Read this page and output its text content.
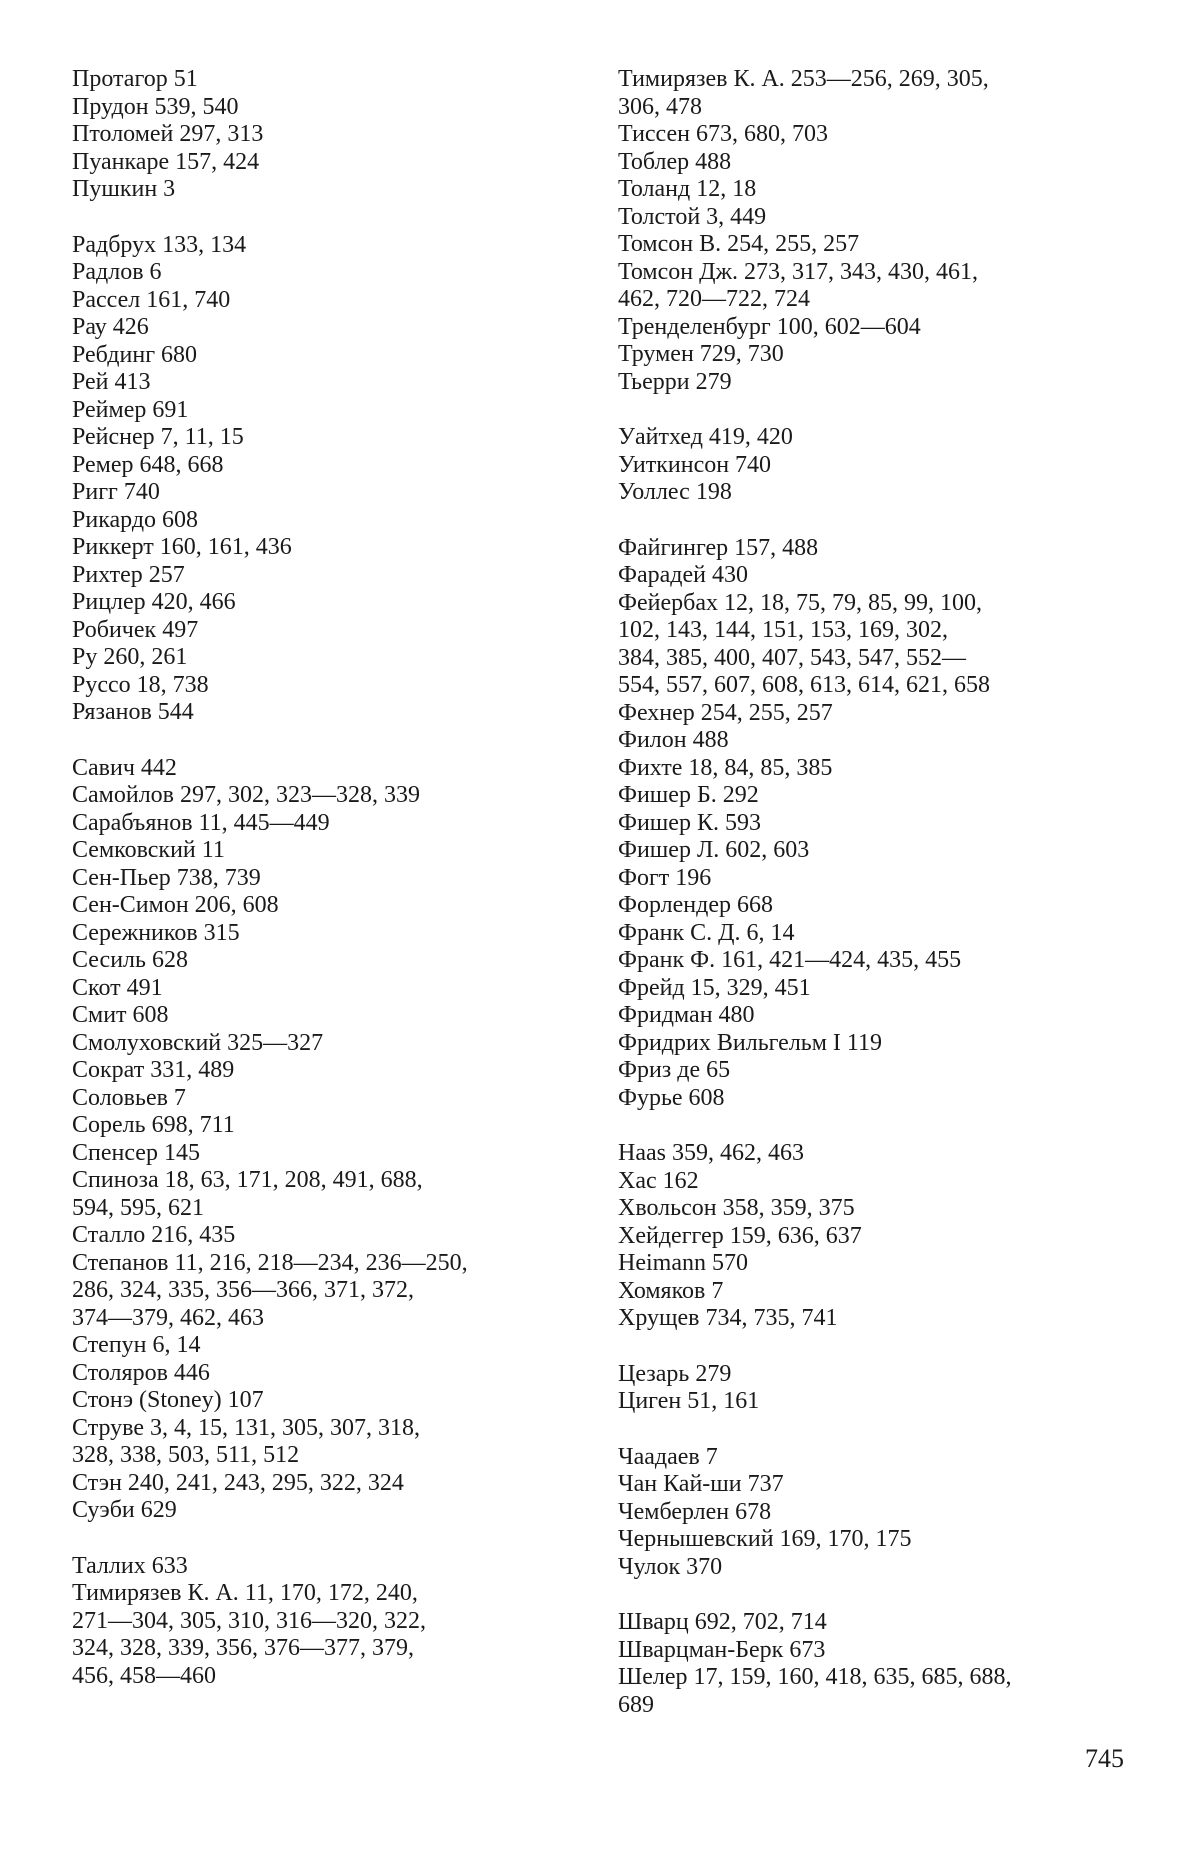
Протагор 51
Прудон 539, 540
Птоломей 297, 313
Пуанкаре 157, 424
Пушкин 3
Радбрух 133, 134
Радлов 6
Рассел 161, 740
Рау 426
Ребдинг 680
Рей 413
Реймер 691
Рейснер 7, 11, 15
Ремер 648, 668
Ригг 740
Рикардо 608
Риккерт 160, 161, 436
Рихтер 257
Рицлер 420, 466
Робичек 497
Ру 260, 261
Руссо 18, 738
Рязанов 544
Савич 442
Самойлов 297, 302, 323—328, 339
Сарабъянов 11, 445—449
Семковский 11
Сен-Пьер 738, 739
Сен-Симон 206, 608
Сережников 315
Сесиль 628
Скот 491
Смит 608
Смолуховский 325—327
Сократ 331, 489
Соловьев 7
Сорель 698, 711
Спенсер 145
Спиноза 18, 63, 171, 208, 491, 688,
594, 595, 621
Сталло 216, 435
Степанов 11, 216, 218—234, 236—250,
286, 324, 335, 356—366, 371, 372,
374—379, 462, 463
Степун 6, 14
Столяров 446
Стонэ (Stoney) 107
Струве 3, 4, 15, 131, 305, 307, 318,
328, 338, 503, 511, 512
Стэн 240, 241, 243, 295, 322, 324
Суэби 629
Таллих 633
Тимирязев К. А. 11, 170, 172, 240,
271—304, 305, 310, 316—320, 322,
324, 328, 339, 356, 376—377, 379,
456, 458—460
Тимирязев К. А. 253—256, 269, 305,
306, 478
Тиссен 673, 680, 703
Тоблер 488
Толанд 12, 18
Толстой 3, 449
Томсон В. 254, 255, 257
Томсон Дж. 273, 317, 343, 430, 461,
462, 720—722, 724
Тренделенбург 100, 602—604
Трумен 729, 730
Тьерри 279
Уайтхед 419, 420
Уиткинсон 740
Уоллес 198
Файгингер 157, 488
Фарадей 430
Фейербах 12, 18, 75, 79, 85, 99, 100,
102, 143, 144, 151, 153, 169, 302,
384, 385, 400, 407, 543, 547, 552—
554, 557, 607, 608, 613, 614, 621, 658
Фехнер 254, 255, 257
Филон 488
Фихте 18, 84, 85, 385
Фишер Б. 292
Фишер К. 593
Фишер Л. 602, 603
Фогт 196
Форлендер 668
Франк С. Д. 6, 14
Франк Ф. 161, 421—424, 435, 455
Фрейд 15, 329, 451
Фридман 480
Фридрих Вильгельм I 119
Фриз де 65
Фурье 608
Haas 359, 462, 463
Хас 162
Хвольсон 358, 359, 375
Хейдеггер 159, 636, 637
Heimann 570
Хомяков 7
Хрущев 734, 735, 741
Цезарь 279
Циген 51, 161
Чаадаев 7
Чан Кай-ши 737
Чемберлен 678
Чернышевский 169, 170, 175
Чулок 370
Шварц 692, 702, 714
Шварцман-Берк 673
Шелер 17, 159, 160, 418, 635, 685, 688,
689
745
